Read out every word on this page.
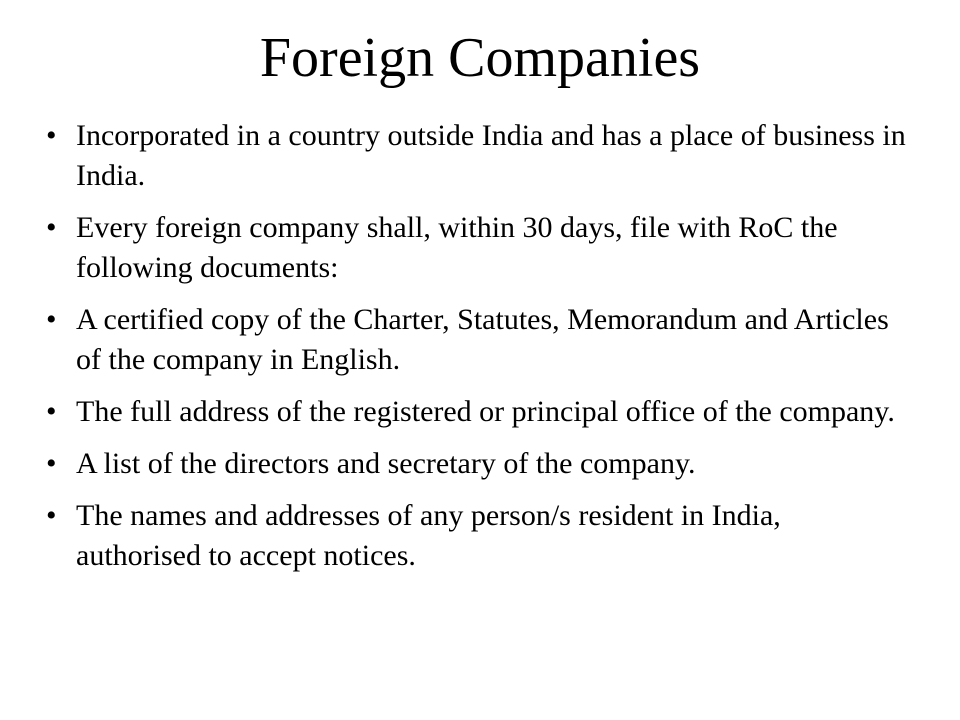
Foreign Companies
• Incorporated in a country outside India and has a place of business in India.
• Every foreign company shall, within 30 days, file with RoC the following documents:
• A certified copy of the Charter, Statutes, Memorandum and Articles of the company in English.
• The full address of the registered or principal office of the company.
• A list of the directors and secretary of the company.
• The names and addresses of any person/s resident in India, authorised to accept notices.
